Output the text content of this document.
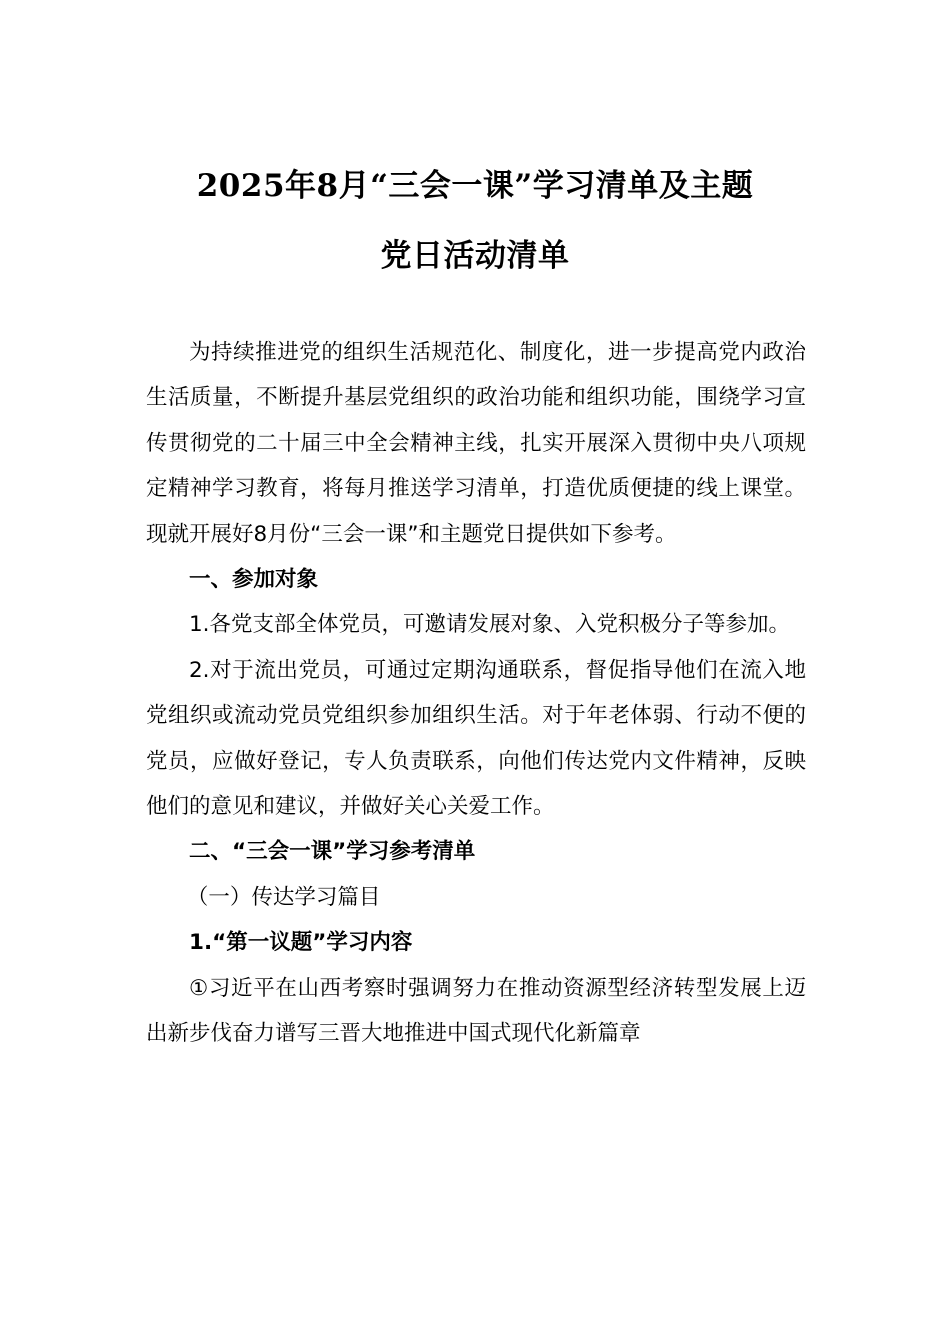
2025年8月“三会一课”学习清单及主题
党日活动清单

为持续推进党的组织生活规范化、制度化，进一步提高党内政治生活质量，不断提升基层党组织的政治功能和组织功能，围绕学习宣传贯彻党的二十届三中全会精神主线，扎实开展深入贯彻中央八项规定精神学习教育，将每月推送学习清单，打造优质便捷的线上课堂。现就开展好8月份“三会一课”和主题党日提供如下参考。

一、参加对象

1.各党支部全体党员，可邀请发展对象、入党积极分子等参加。

2.对于流出党员，可通过定期沟通联系，督促指导他们在流入地党组织或流动党员党组织参加组织生活。对于年老体弱、行动不便的党员，应做好登记，专人负责联系，向他们传达党内文件精神，反映他们的意见和建议，并做好关心关爱工作。

二、“三会一课”学习参考清单

（一）传达学习篇目

1.“第一议题”学习内容

①习近平在山西考察时强调努力在推动资源型经济转型发展上迈出新步伐奋力谱写三晋大地推进中国式现代化新篇章
